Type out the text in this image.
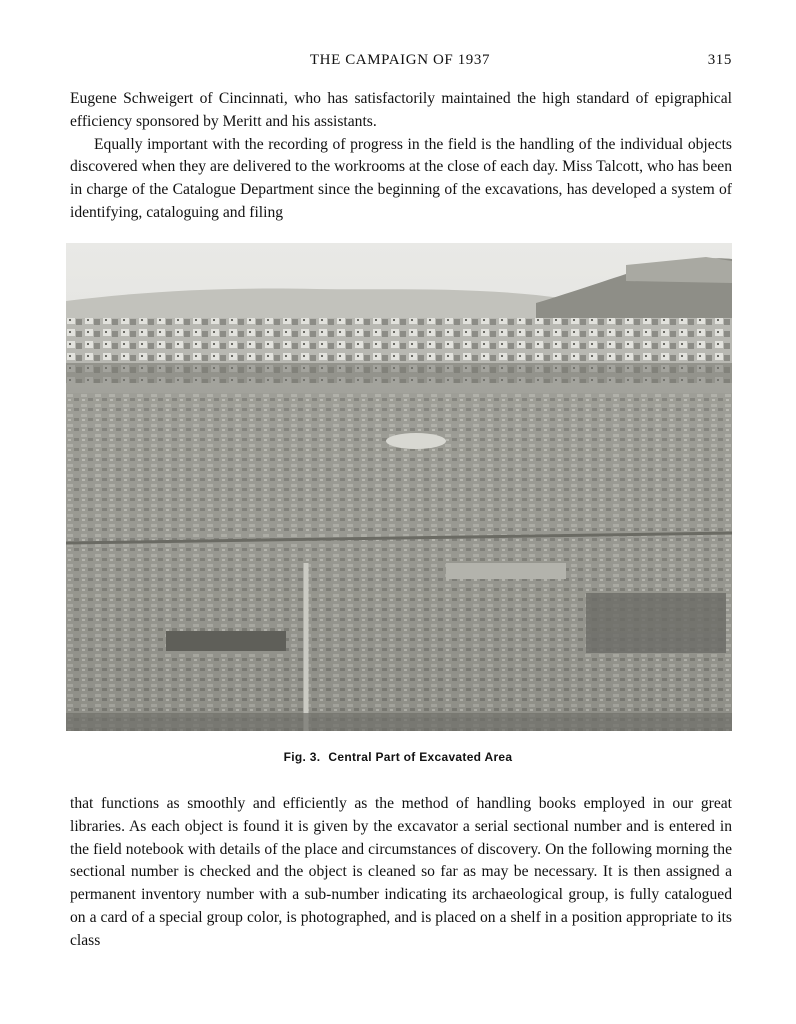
THE CAMPAIGN OF 1937	315

Eugene Schweigert of Cincinnati, who has satisfactorily maintained the high standard of epigraphical efficiency sponsored by Meritt and his assistants.

Equally important with the recording of progress in the field is the handling of the individual objects discovered when they are delivered to the workrooms at the close of each day. Miss Talcott, who has been in charge of the Catalogue Department since the beginning of the excavations, has developed a system of identifying, cataloguing and filing

Fig. 3. Central Part of Excavated Area

that functions as smoothly and efficiently as the method of handling books employed in our great libraries. As each object is found it is given by the excavator a serial sectional number and is entered in the field notebook with details of the place and circumstances of discovery. On the following morning the sectional number is checked and the object is cleaned so far as may be necessary. It is then assigned a permanent inventory number with a sub-number indicating its archaeological group, is fully catalogued on a card of a special group color, is photographed, and is placed on a shelf in a position appropriate to its class
